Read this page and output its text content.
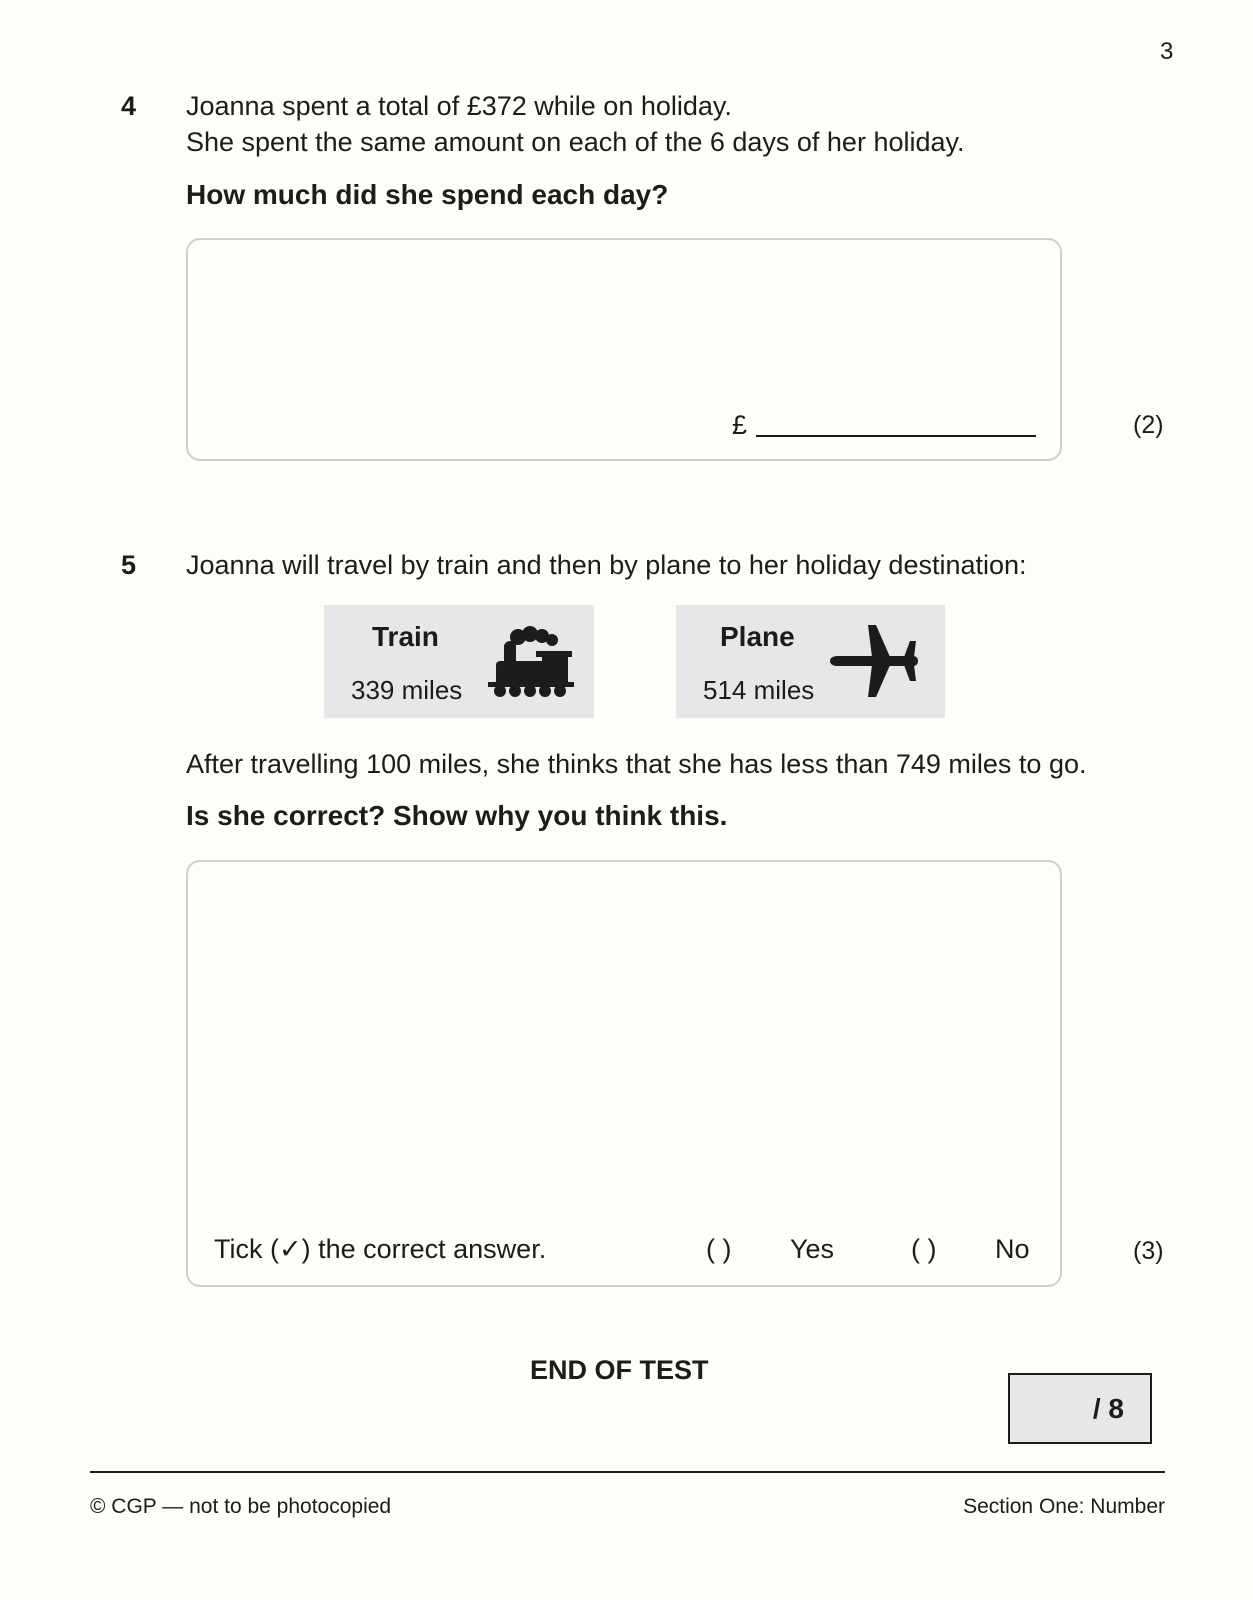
3
4 Joanna spent a total of £372 while on holiday.
She spent the same amount on each of the 6 days of her holiday.
How much did she spend each day?
£	(2)
5 Joanna will travel by train and then by plane to her holiday destination:
Train
339 miles
Plane
514 miles
After travelling 100 miles, she thinks that she has less than 749 miles to go.
Is she correct? Show why you think this.
Tick (✓) the correct answer.	( ) Yes	( ) No	(3)
END OF TEST
/ 8
© CGP — not to be photocopied	Section One: Number
